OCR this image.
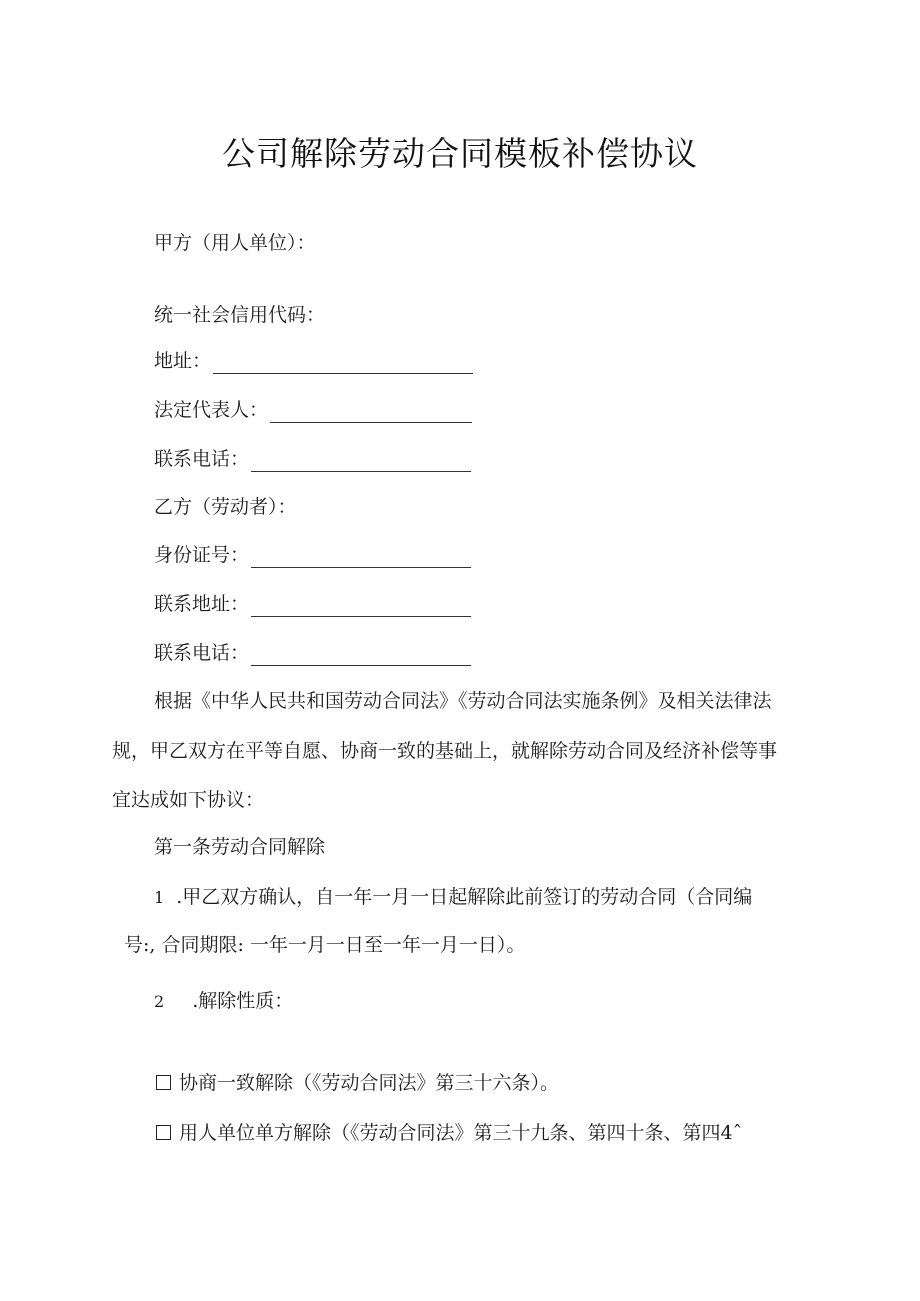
公司解除劳动合同模板补偿协议
甲方（用人单位）：
统一社会信用代码：
地址：
法定代表人：
联系电话：
乙方（劳动者）：
身份证号：
联系地址：
联系电话：
根据《中华人民共和国劳动合同法》《劳动合同法实施条例》及相关法律法
规，甲乙双方在平等自愿、协商一致的基础上，就解除劳动合同及经济补偿等事
宜达成如下协议：
第一条劳动合同解除
1 .甲乙双方确认，自一年一月一日起解除此前签订的劳动合同（合同编
号:, 合同期限: 一年一月一日至一年一月一日）。
2 .解除性质：
协商一致解除（《劳动合同法》第三十六条）。
用人单位单方解除（《劳动合同法》第三十九条、第四十条、第四4ˆ
